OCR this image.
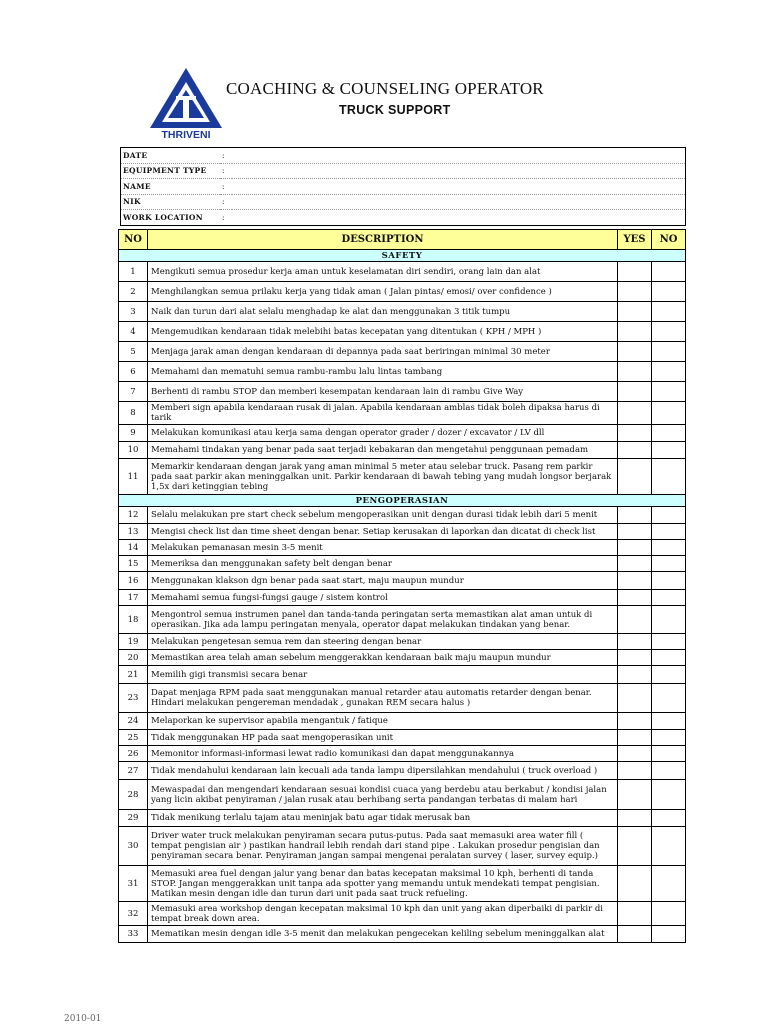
THRIVENI
COACHING & COUNSELING OPERATOR
TRUCK SUPPORT
DATE	:	
EQUIPMENT TYPE	:	
NAME	:	
NIK	:	
WORK LOCATION	:	
NO	DESCRIPTION	YES	NO
SAFETY			
1	Mengikuti semua prosedur kerja aman untuk keselamatan diri sendiri, orang lain dan alat		
2	Menghilangkan semua prilaku kerja yang tidak aman ( Jalan pintas/ emosi/ over confidence )		
3	Naik dan turun dari alat selalu menghadap ke alat dan menggunakan 3 titik tumpu		
4	Mengemudikan kendaraan tidak melebihi batas kecepatan yang ditentukan ( KPH / MPH )		
5	Menjaga jarak aman dengan kendaraan di depannya pada saat beriringan minimal 30 meter		
6	Memahami dan mematuhi semua rambu-rambu lalu lintas tambang		
7	Berhenti di rambu STOP dan memberi kesempatan kendaraan lain di rambu Give Way		
8	Memberi sign apabila kendaraan rusak di jalan. Apabila kendaraan amblas tidak boleh dipaksa harus di tarik		
9	Melakukan komunikasi atau kerja sama dengan operator grader / dozer / excavator / LV dll		
10	Memahami tindakan yang benar pada saat terjadi kebakaran dan mengetahui penggunaan pemadam		
11	Memarkir kendaraan dengan jarak yang aman minimal 5 meter atau selebar truck. Pasang rem parkir pada saat parkir akan meninggalkan unit. Parkir kendaraan di bawah tebing yang mudah longsor berjarak 1,5x dari ketinggian tebing		
PENGOPERASIAN			
12	Selalu melakukan pre start check sebelum mengoperasikan unit dengan durasi tidak lebih dari 5 menit		
13	Mengisi check list dan time sheet dengan benar. Setiap kerusakan di laporkan dan dicatat di check list		
14	Melakukan pemanasan mesin 3-5 menit		
15	Memeriksa dan menggunakan safety belt dengan benar		
16	Menggunakan klakson dgn benar pada saat start, maju maupun mundur		
17	Memahami semua fungsi-fungsi gauge / sistem kontrol		
18	Mengontrol semua instrumen panel dan tanda-tanda peringatan serta memastikan alat aman untuk di operasikan. Jika ada lampu peringatan menyala, operator dapat melakukan tindakan yang benar.		
19	Melakukan pengetesan semua rem dan steering dengan benar		
20	Memastikan area telah aman sebelum menggerakkan kendaraan baik maju maupun mundur		
21	Memilih gigi transmisi secara benar		
23	Dapat menjaga RPM pada saat menggunakan manual retarder atau automatis retarder dengan benar. Hindari melakukan pengereman mendadak , gunakan REM secara halus )		
24	Melaporkan ke supervisor apabila mengantuk / fatique		
25	Tidak menggunakan HP pada saat mengoperasikan unit		
26	Memonitor informasi-informasi lewat radio komunikasi dan dapat menggunakannya		
27	Tidak mendahului kendaraan lain kecuali ada tanda lampu dipersilahkan mendahului ( truck overload )		
28	Mewaspadai dan mengendari kendaraan sesuai kondisi cuaca yang berdebu atau berkabut / kondisi jalan yang licin akibat penyiraman / jalan rusak atau berhibang serta pandangan terbatas di malam hari		
29	Tidak menikung terlalu tajam atau meninjak batu agar tidak merusak ban		
30	Driver water truck melakukan penyiraman secara putus-putus. Pada saat memasuki area water fill ( tempat pengisian air ) pastikan handrail lebih rendah dari stand pipe . Lakukan prosedur pengisian dan penyiraman secara benar. Penyiraman jangan sampai mengenai peralatan survey ( laser, survey equip.)		
31	Memasuki area fuel dengan jalur yang benar dan batas kecepatan maksimal 10 kph, berhenti di tanda STOP. Jangan menggerakkan unit tanpa ada spotter yang memandu untuk mendekati tempat pengisian. Matikan mesin dengan idle dan turun dari unit pada saat truck refueling.		
32	Memasuki area workshop dengan kecepatan maksimal 10 kph dan unit yang akan diperbaiki di parkir di tempat break down area.		
33	Mematikan mesin dengan idle 3-5 menit dan melakukan pengecekan keliling sebelum meninggalkan alat		
2010-01
